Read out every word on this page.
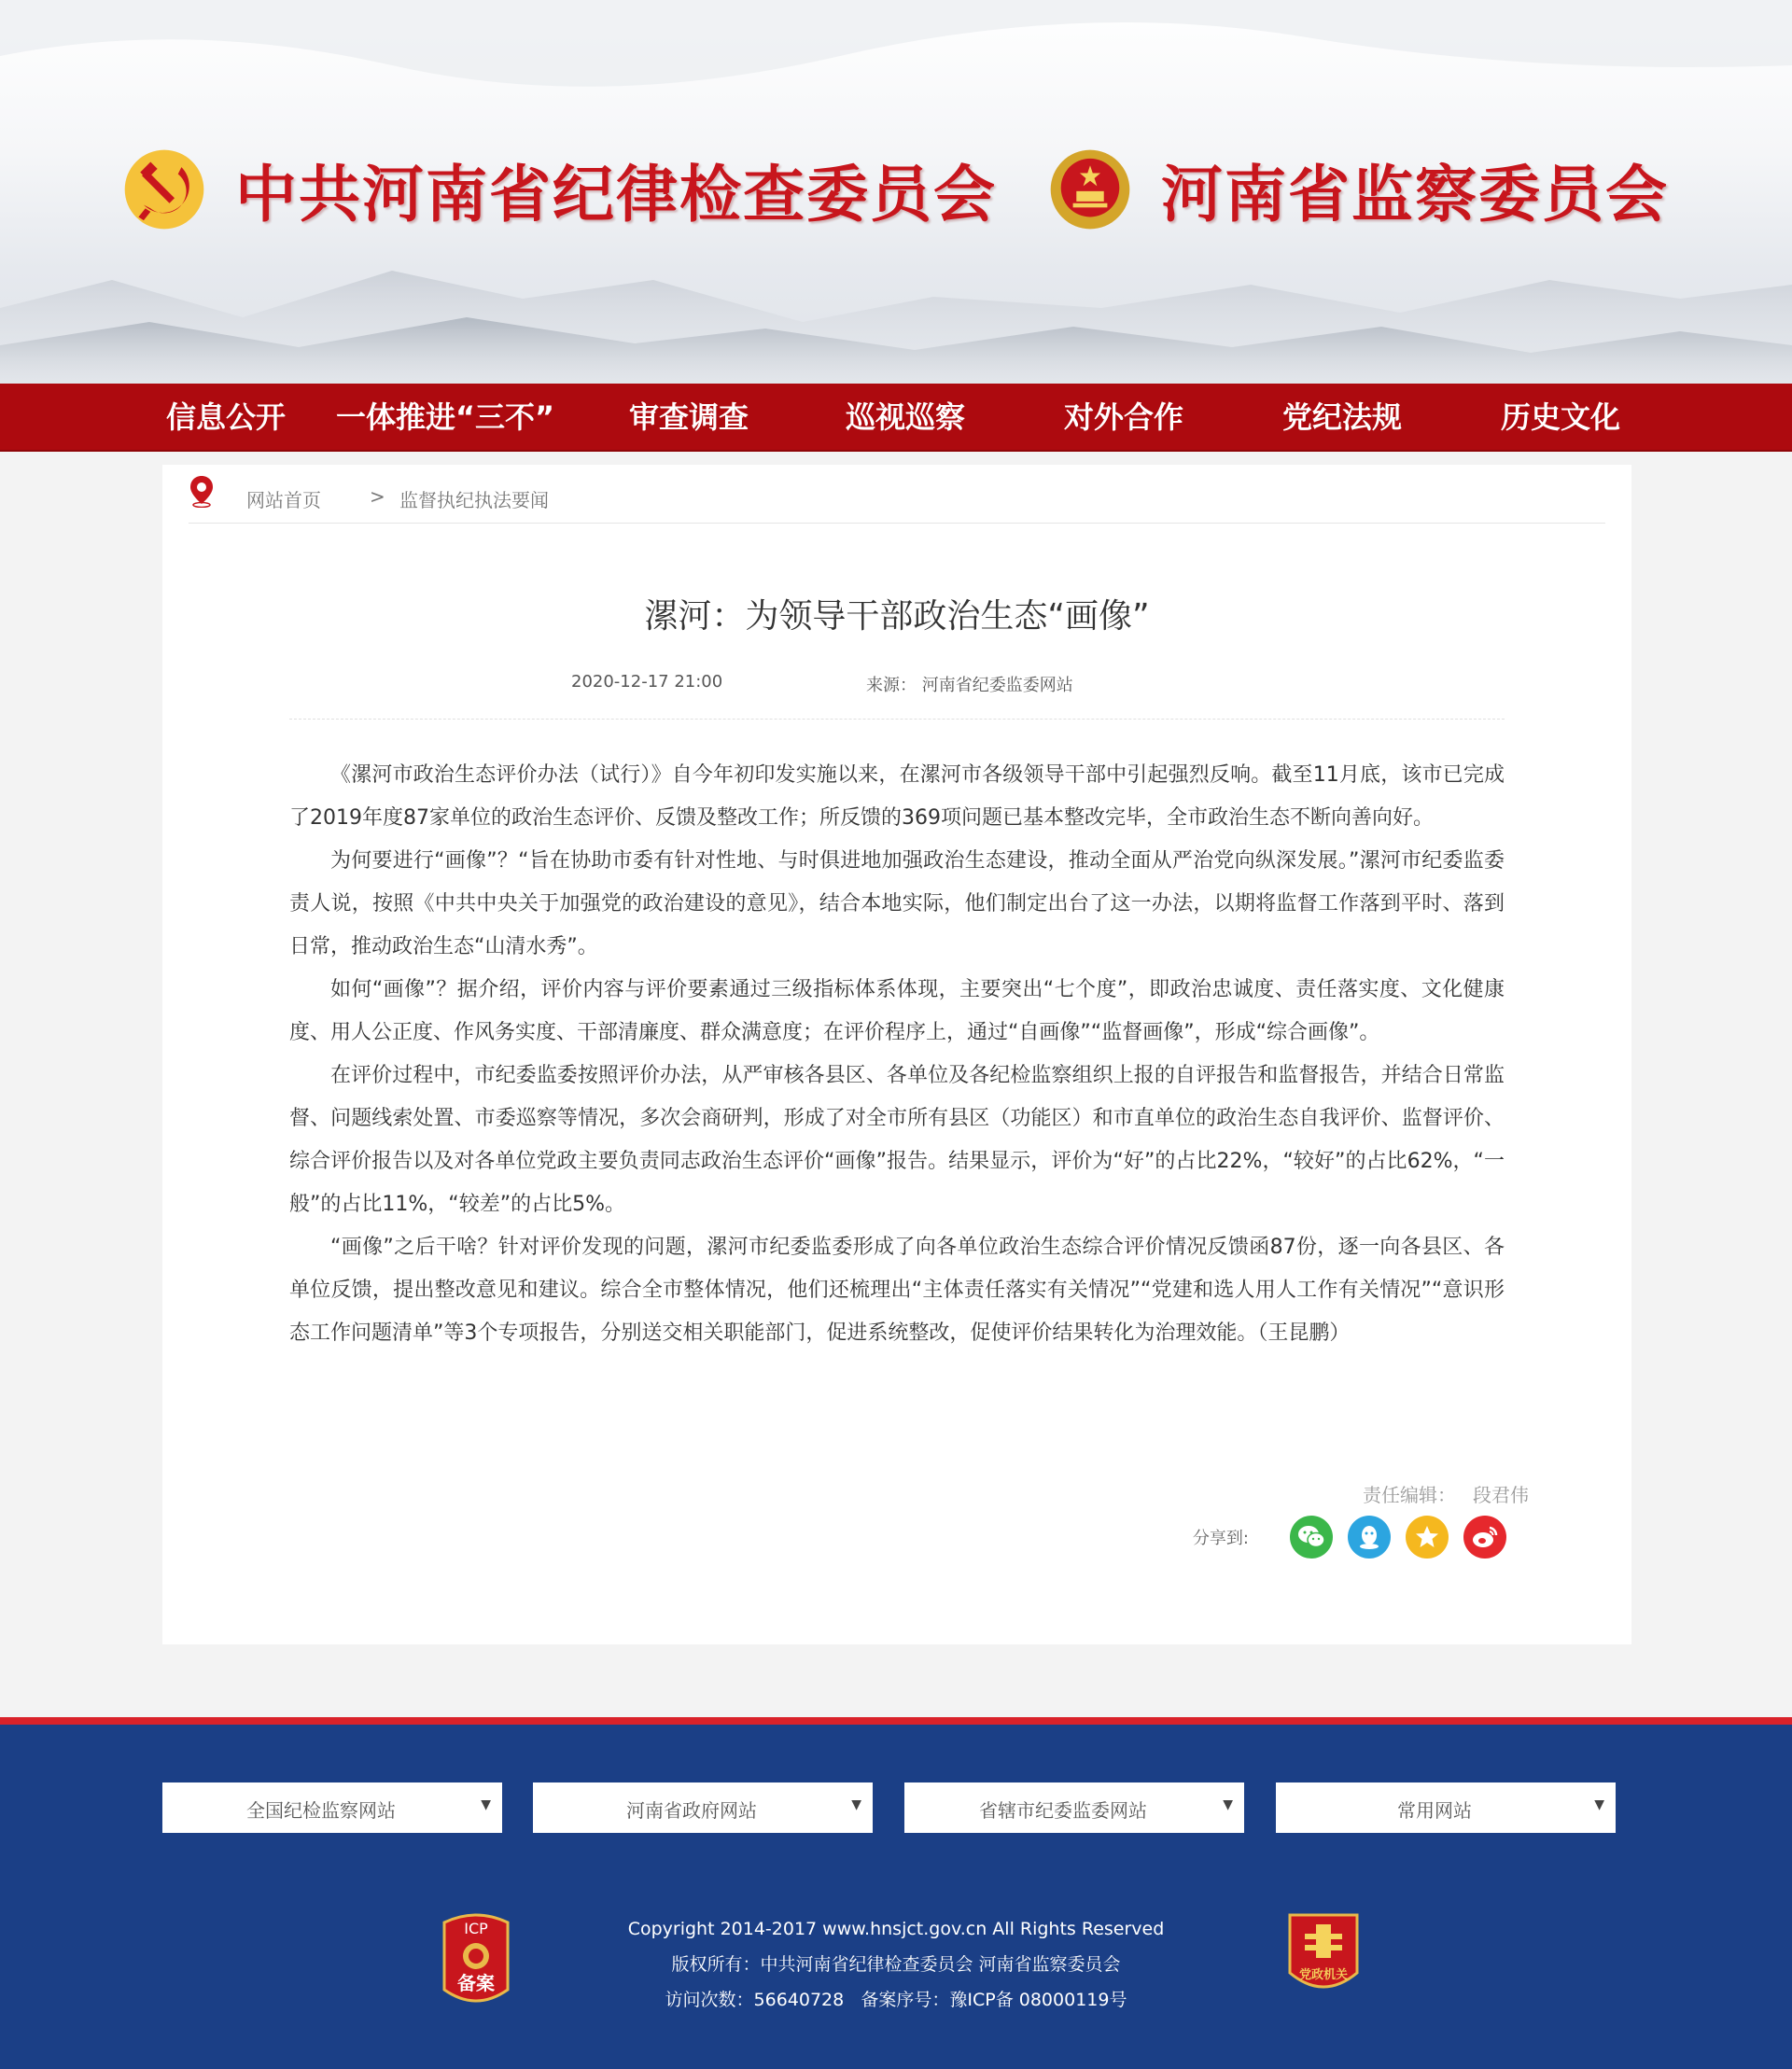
中共河南省纪律检查委员会	河南省监察委员会
信息公开 一体推进“三不” 审查调查	巡视巡察	对外合作	党纪法规	历史文化
网站首页	> 监督执纪执法要闻
漯河：为领导干部政治生态“画像”
2020-12-17 21:00	来源： 河南省纪委监委网站

《漯河市政治生态评价办法（试行）》自今年初印发实施以来，在漯河市各级领导干部中引起强烈反响。截至11月底，该市已完成了2019年度87家单位的政治生态评价、反馈及整改工作；所反馈的369项问题已基本整改完毕，全市政治生态不断向善向好。

为何要进行“画像”？“旨在协助市委有针对性地、与时俱进地加强政治生态建设，推动全面从严治党向纵深发展。”漯河市纪委监委责人说，按照《中共中央关于加强党的政治建设的意见》，结合本地实际，他们制定出台了这一办法，以期将监督工作落到平时、落到日常，推动政治生态“山清水秀”。

如何“画像”？据介绍，评价内容与评价要素通过三级指标体系体现，主要突出“七个度”，即政治忠诚度、责任落实度、文化健康度、用人公正度、作风务实度、干部清廉度、群众满意度；在评价程序上，通过“自画像”“监督画像”，形成“综合画像”。

在评价过程中，市纪委监委按照评价办法，从严审核各县区、各单位及各纪检监察组织上报的自评报告和监督报告，并结合日常监督、问题线索处置、市委巡察等情况，多次会商研判，形成了对全市所有县区（功能区）和市直单位的政治生态自我评价、监督评价、综合评价报告以及对各单位党政主要负责同志政治生态评价“画像”报告。结果显示，评价为“好”的占比22%，“较好”的占比62%，“一般”的占比11%，“较差”的占比5%。

“画像”之后干啥？针对评价发现的问题，漯河市纪委监委形成了向各单位政治生态综合评价情况反馈函87份，逐一向各县区、各单位反馈，提出整改意见和建议。综合全市整体情况，他们还梳理出“主体责任落实有关情况”“党建和选人用人工作有关情况”“意识形态工作问题清单”等3个专项报告，分别送交相关职能部门，促进系统整改，促使评价结果转化为治理效能。（王昆鹏）

责任编辑： 段君伟
分享到:
全国纪检监察网站	▼	河南省政府网站	▼	省辖市纪委监委网站	▼	常用网站	▼
ICP
备案
Copyright 2014-2017 www.hnsjct.gov.cn All Rights Reserved
版权所有：中共河南省纪律检查委员会 河南省监察委员会
访问次数：56640728 备案序号：豫ICP备 08000119号
党政机关
